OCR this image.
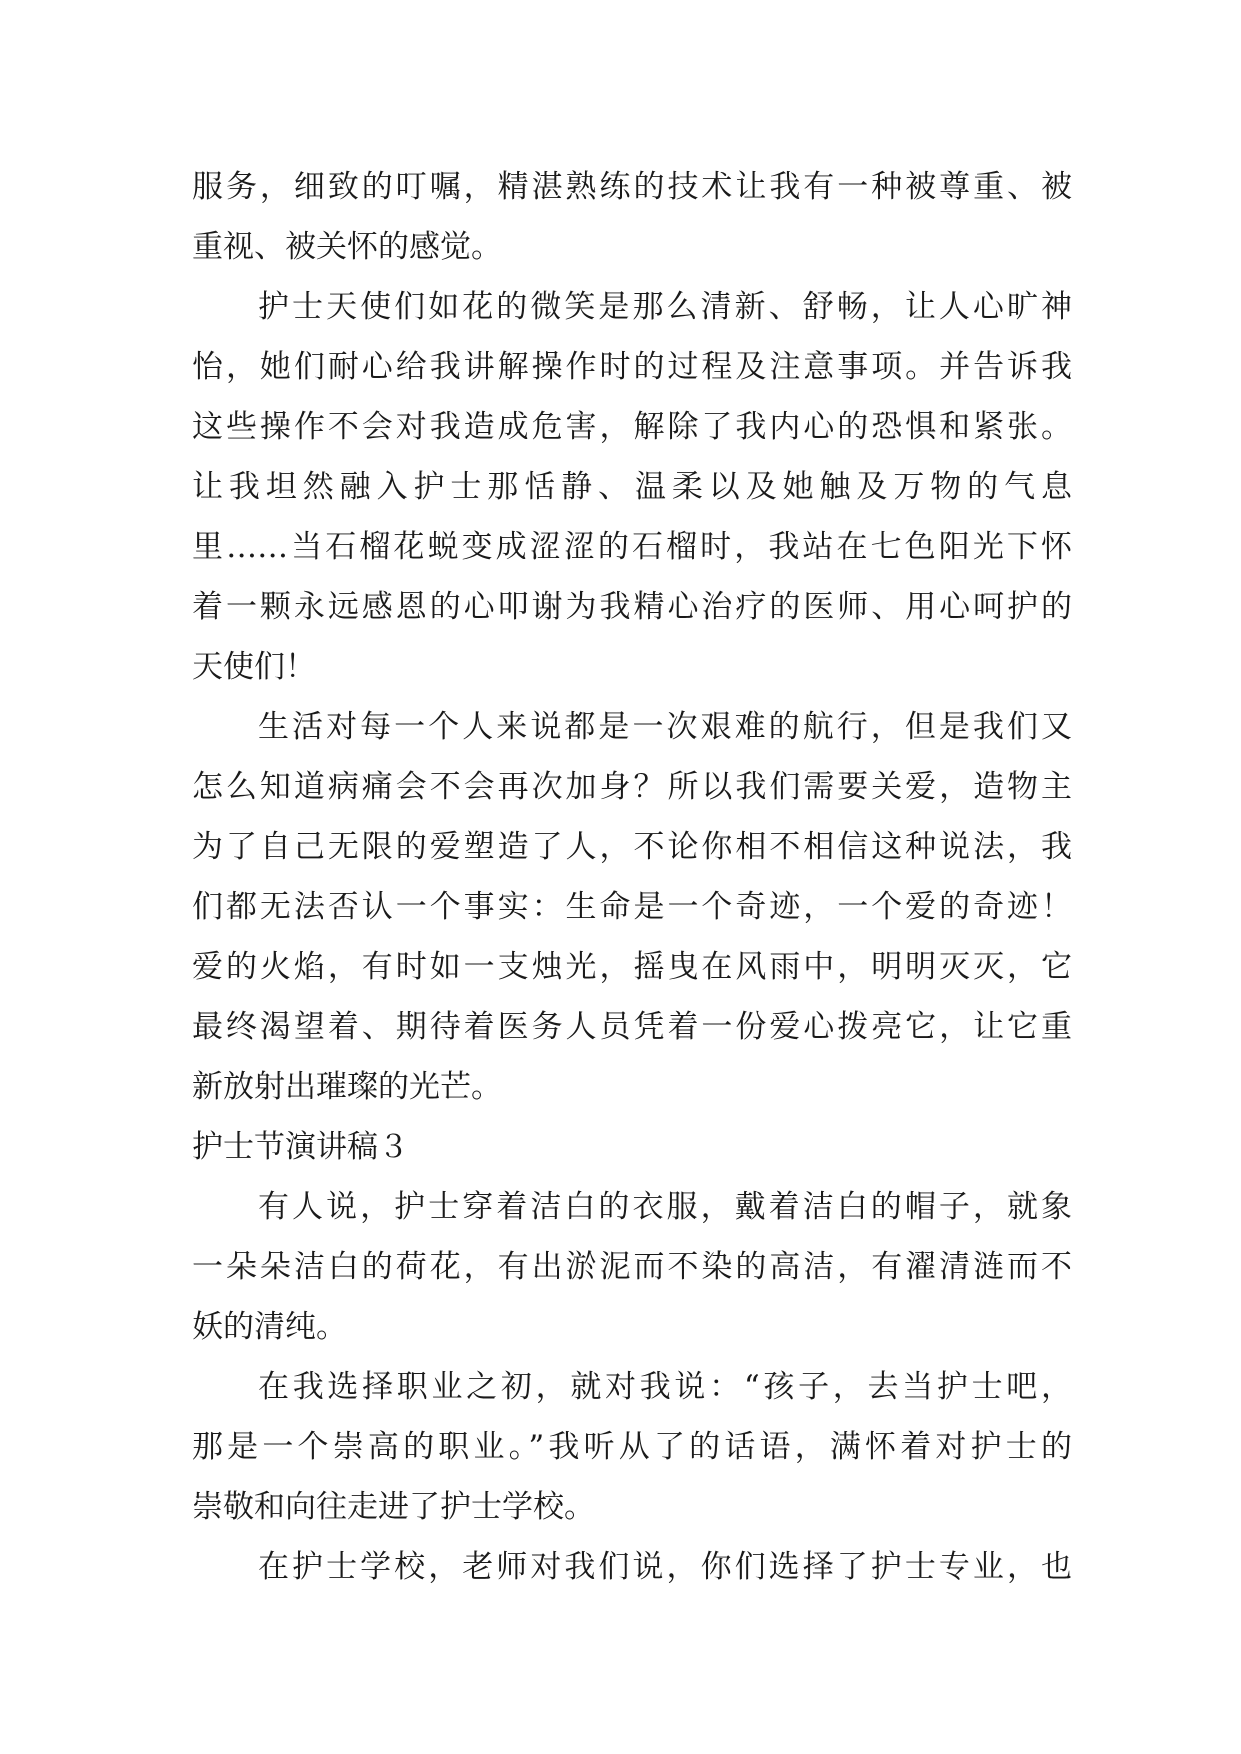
服务，细致的叮嘱，精湛熟练的技术让我有一种被尊重、被
重视、被关怀的感觉。
护士天使们如花的微笑是那么清新、舒畅，让人心旷神
怡，她们耐心给我讲解操作时的过程及注意事项。并告诉我
这些操作不会对我造成危害，解除了我内心的恐惧和紧张。
让我坦然融入护士那恬静、温柔以及她触及万物的气息
里……当石榴花蜕变成涩涩的石榴时，我站在七色阳光下怀
着一颗永远感恩的心叩谢为我精心治疗的医师、用心呵护的
天使们！
生活对每一个人来说都是一次艰难的航行，但是我们又
怎么知道病痛会不会再次加身？所以我们需要关爱，造物主
为了自己无限的爱塑造了人，不论你相不相信这种说法，我
们都无法否认一个事实：生命是一个奇迹，一个爱的奇迹！
爱的火焰，有时如一支烛光，摇曳在风雨中，明明灭灭，它
最终渴望着、期待着医务人员凭着一份爱心拨亮它，让它重
新放射出璀璨的光芒。
护士节演讲稿３
有人说，护士穿着洁白的衣服，戴着洁白的帽子，就象
一朵朵洁白的荷花，有出淤泥而不染的高洁，有濯清涟而不
妖的清纯。
在我选择职业之初，就对我说：“孩子，去当护士吧，
那是一个崇高的职业。”我听从了的话语，满怀着对护士的
崇敬和向往走进了护士学校。
在护士学校，老师对我们说，你们选择了护士专业，也
